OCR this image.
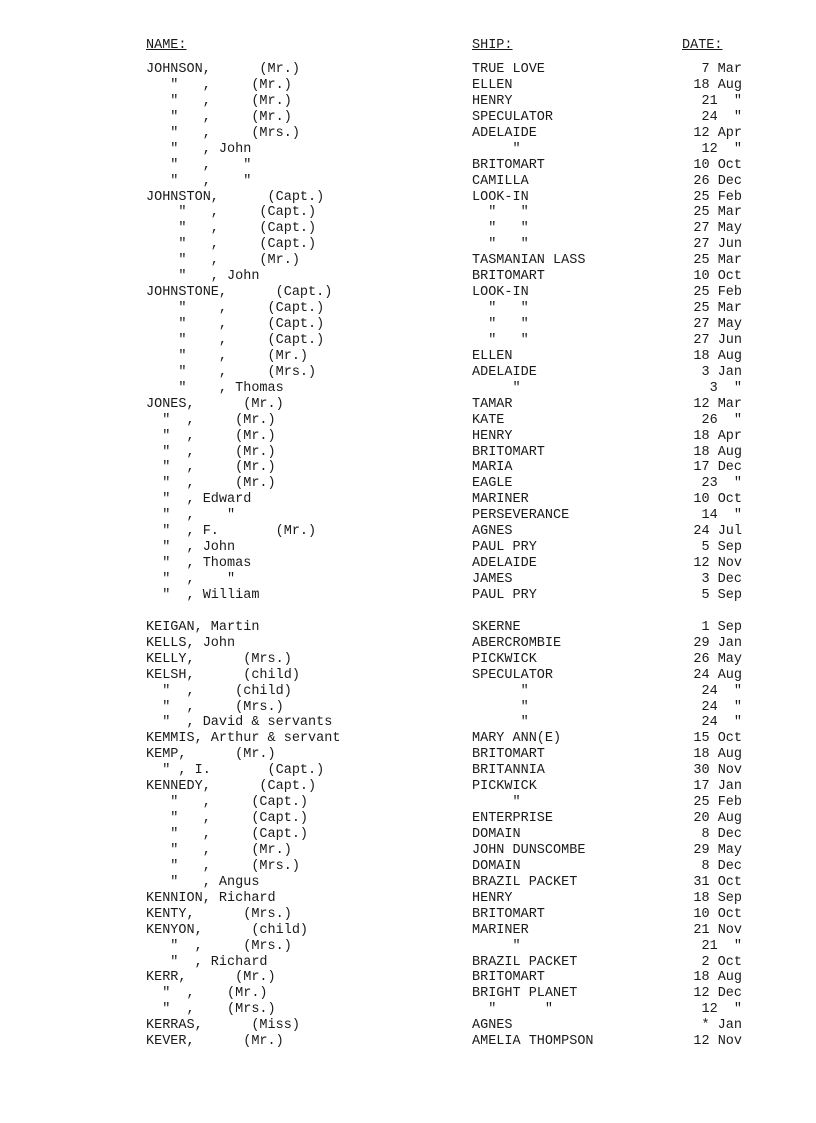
NAME:	SHIP:	DATE:
JOHNSON,      (Mr.)	TRUE LOVE	7 Mar
"   ,     (Mr.)	ELLEN	18 Aug
"   ,     (Mr.)	HENRY	21  "
"   ,     (Mr.)	SPECULATOR	24  "
"   ,     (Mrs.)	ADELAIDE	12 Apr
"   , John	"	12  "
"   ,    "	BRITOMART	10 Oct
"   ,    "	CAMILLA	26 Dec
JOHNSTON,      (Capt.)	LOOK-IN	25 Feb
"   ,     (Capt.)	"   "	25 Mar
"   ,     (Capt.)	"   "	27 May
"   ,     (Capt.)	"   "	27 Jun
"   ,     (Mr.)	TASMANIAN LASS	25 Mar
"   , John	BRITOMART	10 Oct
JOHNSTONE,      (Capt.)	LOOK-IN	25 Feb
"    ,     (Capt.)	"   "	25 Mar
"    ,     (Capt.)	"   "	27 May
"    ,     (Capt.)	"   "	27 Jun
"    ,     (Mr.)	ELLEN	18 Aug
"    ,     (Mrs.)	ADELAIDE	3 Jan
"    , Thomas	"	3  "
JONES,      (Mr.)	TAMAR	12 Mar
"  ,     (Mr.)	KATE	26  "
"  ,     (Mr.)	HENRY	18 Apr
"  ,     (Mr.)	BRITOMART	18 Aug
"  ,     (Mr.)	MARIA	17 Dec
"  ,     (Mr.)	EAGLE	23  "
"  , Edward	MARINER	10 Oct
"  ,    "	PERSEVERANCE	14  "
"  , F.       (Mr.)	AGNES	24 Jul
"  , John	PAUL PRY	5 Sep
"  , Thomas	ADELAIDE	12 Nov
"  ,    "	JAMES	3 Dec
"  , William	PAUL PRY	5 Sep
KEIGAN, Martin	SKERNE	1 Sep
KELLS, John	ABERCROMBIE	29 Jan
KELLY,      (Mrs.)	PICKWICK	26 May
KELSH,      (child)	SPECULATOR	24 Aug
"  ,     (child)	"	24  "
"  ,     (Mrs.)	"	24  "
"  , David & servants	"	24  "
KEMMIS, Arthur & servant	MARY ANN(E)	15 Oct
KEMP,      (Mr.)	BRITOMART	18 Aug
" , I.       (Capt.)	BRITANNIA	30 Nov
KENNEDY,      (Capt.)	PICKWICK	17 Jan
"   ,     (Capt.)	"	25 Feb
"   ,     (Capt.)	ENTERPRISE	20 Aug
"   ,     (Capt.)	DOMAIN	8 Dec
"   ,     (Mr.)	JOHN DUNSCOMBE	29 May
"   ,     (Mrs.)	DOMAIN	8 Dec
"   , Angus	BRAZIL PACKET	31 Oct
KENNION, Richard	HENRY	18 Sep
KENTY,      (Mrs.)	BRITOMART	10 Oct
KENYON,      (child)	MARINER	21 Nov
"  ,     (Mrs.)	"	21  "
"  , Richard	BRAZIL PACKET	2 Oct
KERR,      (Mr.)	BRITOMART	18 Aug
"  ,    (Mr.)	BRIGHT PLANET	12 Dec
"  ,    (Mrs.)	"      "	12  "
KERRAS,      (Miss)	AGNES	* Jan
KEVER,      (Mr.)	AMELIA THOMPSON	12 Nov
